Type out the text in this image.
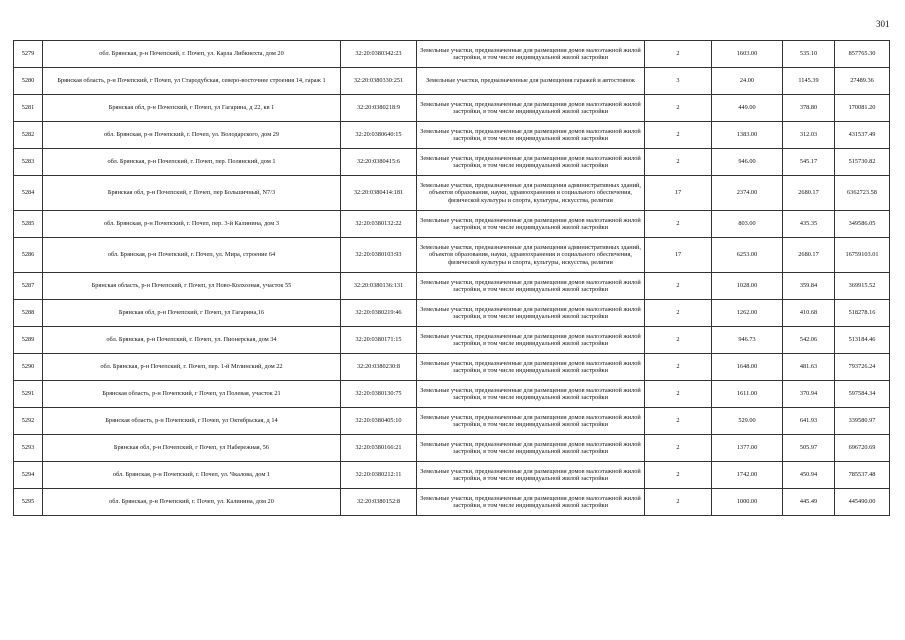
301
5279	обл. Брянская, р-н Почепский, г. Почеп, ул. Карла Либкнехта, дом 20	32:20:0380342:23	Земельные участки, предназначенные для размещения домов малоэтажной жилой застройки, в том числе индивидуальной жилой застройки	2	1603.00	535.10	857765.30
5280	Брянская область, р-н Почепский, г Почеп, ул Стародубская, северо-восточнее строения 14, гараж 1	32:20:0380330:251	Земельные участки, предназначенные для размещения гаражей и автостоянок	3	24.00	1145.39	27489.36
5281	Брянская обл, р-н Почепский, г Почеп, ул Гагарина, д 22, кв 1	32:20:0380218:9	Земельные участки, предназначенные для размещения домов малоэтажной жилой застройки, в том числе индивидуальной жилой застройки	2	449.00	378.80	170081.20
5282	обл. Брянская, р-н Почепский, г. Почеп, ул. Володарского, дом 29	32:20:0380640:15	Земельные участки, предназначенные для размещения домов малоэтажной жилой застройки, в том числе индивидуальной жилой застройки	2	1383.00	312.03	431537.49
5283	обл. Брянская, р-н Почепский, г. Почеп, пер. Полянский, дом 1	32:20:0380415:6	Земельные участки, предназначенные для размещения домов малоэтажной жилой застройки, в том числе индивидуальной жилой застройки	2	946.00	545.17	515730.82
5284	Брянская обл, р-н Почепский, г Почеп, пер Большичный, N7/3	32:20:0380414:181	Земельные участки, предназначенные для размещения административных зданий, объектов образования, науки, здравоохранения и социального обеспечения, физической культуры и спорта, культуры, искусства, религии	17	2374.00	2680.17	6362723.58
5285	обл. Брянская, р-н Почепский, г. Почеп, пер. 3-й Калинина, дом 3	32:20:0380132:22	Земельные участки, предназначенные для размещения домов малоэтажной жилой застройки, в том числе индивидуальной жилой застройки	2	803.00	435.35	349586.05
5286	обл. Брянская, р-н Почепский, г. Почеп, ул. Мира, строение 64	32:20:0380103:93	Земельные участки, предназначенные для размещения административных зданий, объектов образования, науки, здравоохранения и социального обеспечения, физической культуры и спорта, культуры, искусства, религии	17	6253.00	2680.17	16759103.01
5287	Брянская область, р-н Почепский, г Почеп, ул Ново-Колхозная, участок 55	32:20:0380136:131	Земельные участки, предназначенные для размещения домов малоэтажной жилой застройки, в том числе индивидуальной жилой застройки	2	1028.00	359.84	369915.52
5288	Брянская обл, р-н Почепский, г Почеп, ул Гагарина,16	32:20:0380219:46	Земельные участки, предназначенные для размещения домов малоэтажной жилой застройки, в том числе индивидуальной жилой застройки	2	1262.00	410.68	518278.16
5289	обл. Брянская, р-н Почепский, г. Почеп, ул. Пионерская, дом 34	32:20:0380171:15	Земельные участки, предназначенные для размещения домов малоэтажной жилой застройки, в том числе индивидуальной жилой застройки	2	946.73	542.06	513184.46
5290	обл. Брянская, р-н Почепский, г. Почеп, пер. 1-й Мглинский, дом 22	32:20:0380230:8	Земельные участки, предназначенные для размещения домов малоэтажной жилой застройки, в том числе индивидуальной жилой застройки	2	1648.00	481.63	793726.24
5291	Брянская область, р-н Почепский, г Почеп, ул Полевая, участок 21	32:20:0380130:75	Земельные участки, предназначенные для размещения домов малоэтажной жилой застройки, в том числе индивидуальной жилой застройки	2	1611.00	370.94	597584.34
5292	Брянская область, р-н Почепский, г Почеп, ул Октябрьская, д 14	32:20:0380405:10	Земельные участки, предназначенные для размещения домов малоэтажной жилой застройки, в том числе индивидуальной жилой застройки	2	529.00	641.93	339580.97
5293	Брянская обл, р-н Почепский, г Почеп, ул Набережная, 56	32:20:0380166:21	Земельные участки, предназначенные для размещения домов малоэтажной жилой застройки, в том числе индивидуальной жилой застройки	2	1377.00	505.97	696720.69
5294	обл. Брянская, р-н Почепский, г. Почеп, ул. Чкалова, дом 1	32:20:0380212:11	Земельные участки, предназначенные для размещения домов малоэтажной жилой застройки, в том числе индивидуальной жилой застройки	2	1742.00	450.94	785537.48
5295	обл. Брянская, р-н Почепский, г. Почеп, ул. Калинина, дом 20	32:20:0380152:8	Земельные участки, предназначенные для размещения домов малоэтажной жилой застройки, в том числе индивидуальной жилой застройки	2	1000.00	445.49	445490.00
